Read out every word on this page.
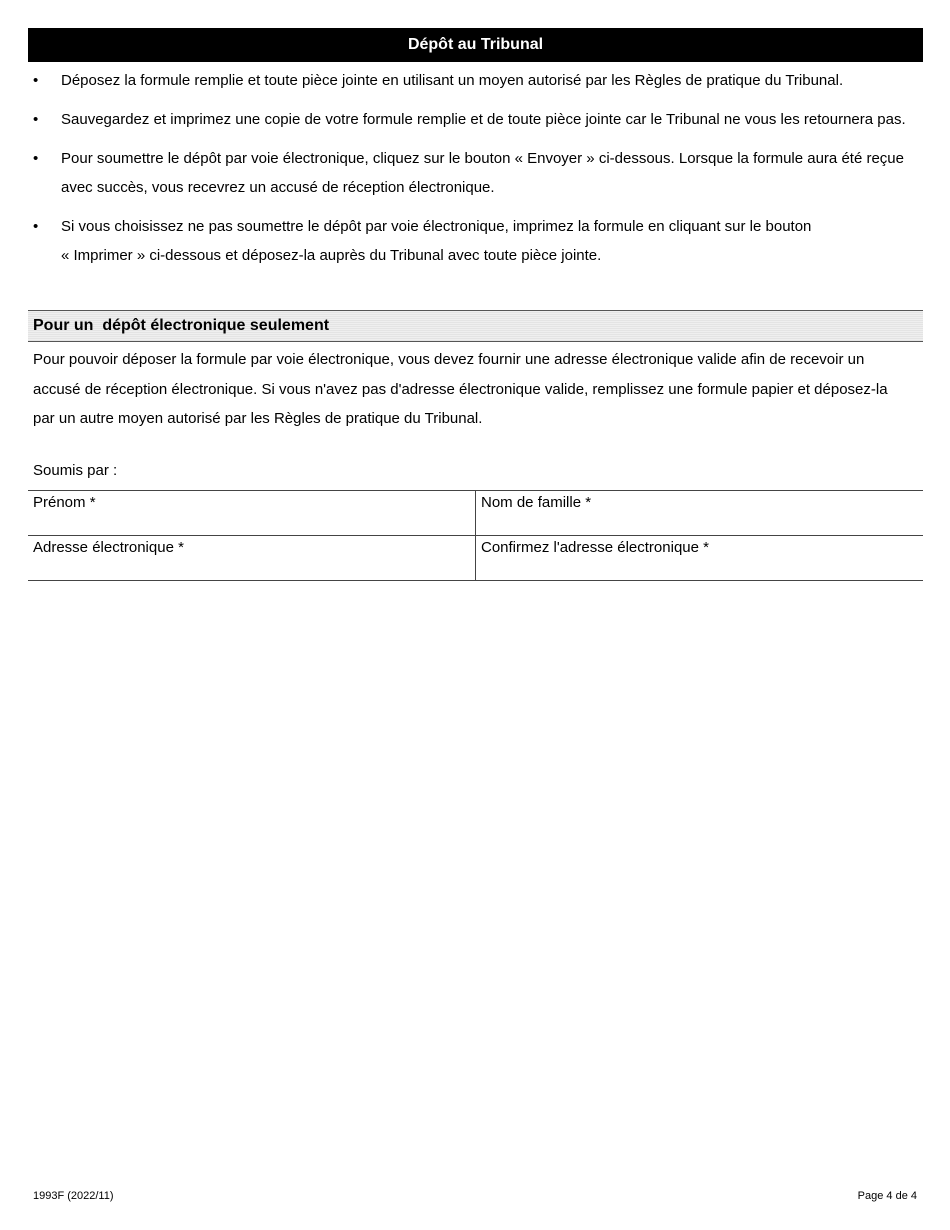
Dépôt au Tribunal
• Déposez la formule remplie et toute pièce jointe en utilisant un moyen autorisé par les Règles de pratique du Tribunal.
• Sauvegardez et imprimez une copie de votre formule remplie et de toute pièce jointe car le Tribunal ne vous les retournera pas.
• Pour soumettre le dépôt par voie électronique, cliquez sur le bouton « Envoyer » ci-dessous. Lorsque la formule aura été reçue avec succès, vous recevrez un accusé de réception électronique.
• Si vous choisissez ne pas soumettre le dépôt par voie électronique, imprimez la formule en cliquant sur le bouton
« Imprimer » ci-dessous et déposez-la auprès du Tribunal avec toute pièce jointe.
Pour un  dépôt électronique seulement
Pour pouvoir déposer la formule par voie électronique, vous devez fournir une adresse électronique valide afin de recevoir un accusé de réception électronique. Si vous n'avez pas d'adresse électronique valide, remplissez une formule papier et déposez-la par un autre moyen autorisé par les Règles de pratique du Tribunal.
Soumis par :
Prénom *	Nom de famille *
Adresse électronique *	Confirmez l'adresse électronique *
1993F (2022/11)	Page 4 de 4
